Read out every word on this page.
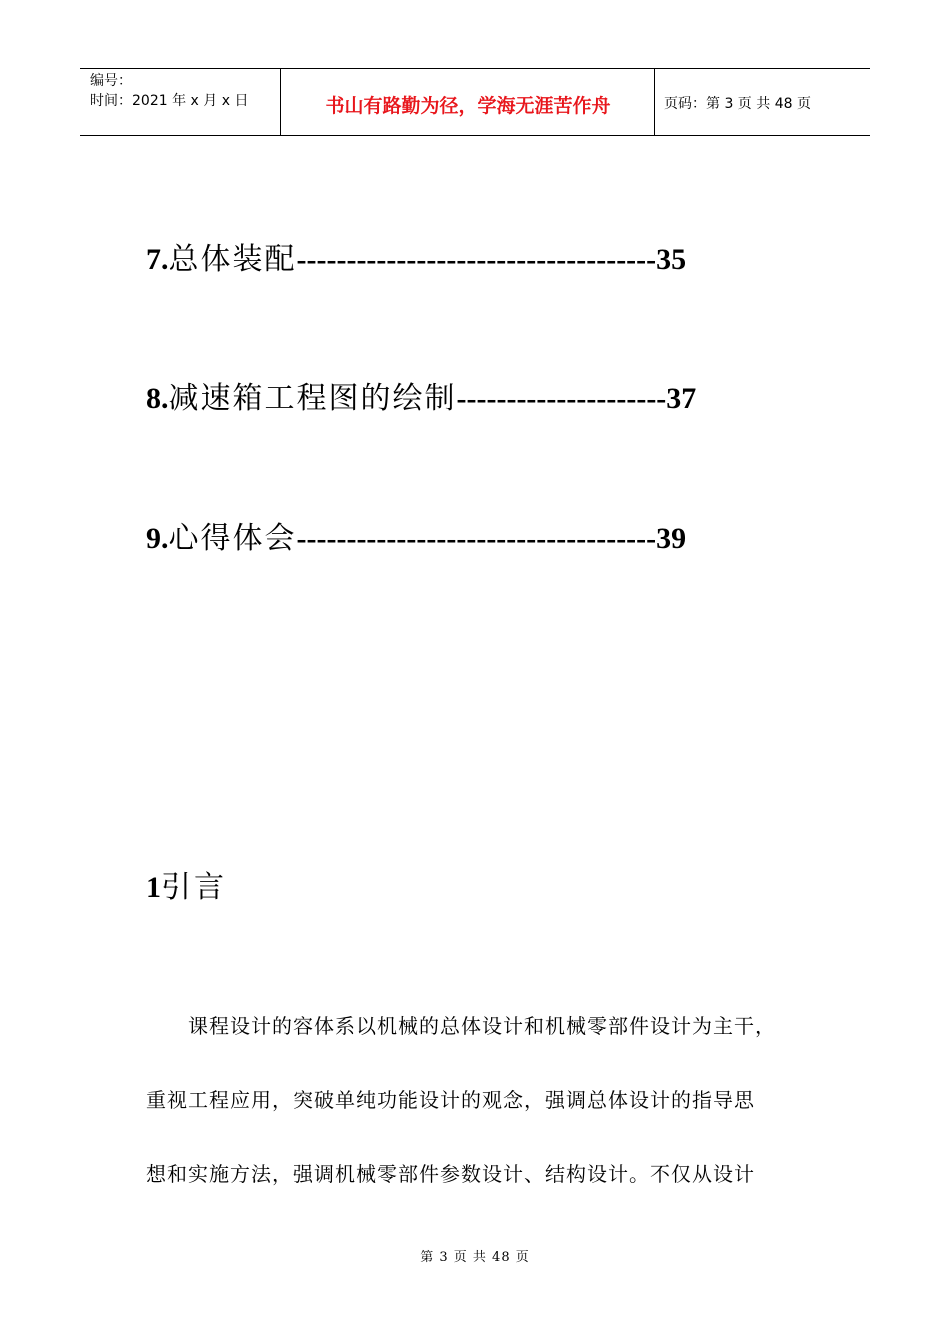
编号：
时间：2021 年 x 月 x 日	书山有路勤为径，学海无涯苦作舟	页码：第 3 页 共 48 页
7.总体装配------------------------------------35
8.减速箱工程图的绘制---------------------37
9.心得体会------------------------------------39
1引言
　　课程设计的容体系以机械的总体设计和机械零部件设计为主干，
重视工程应用，突破单纯功能设计的观念，强调总体设计的指导思
想和实施方法，强调机械零部件参数设计、结构设计。不仅从设计
第 3 页 共 48 页
